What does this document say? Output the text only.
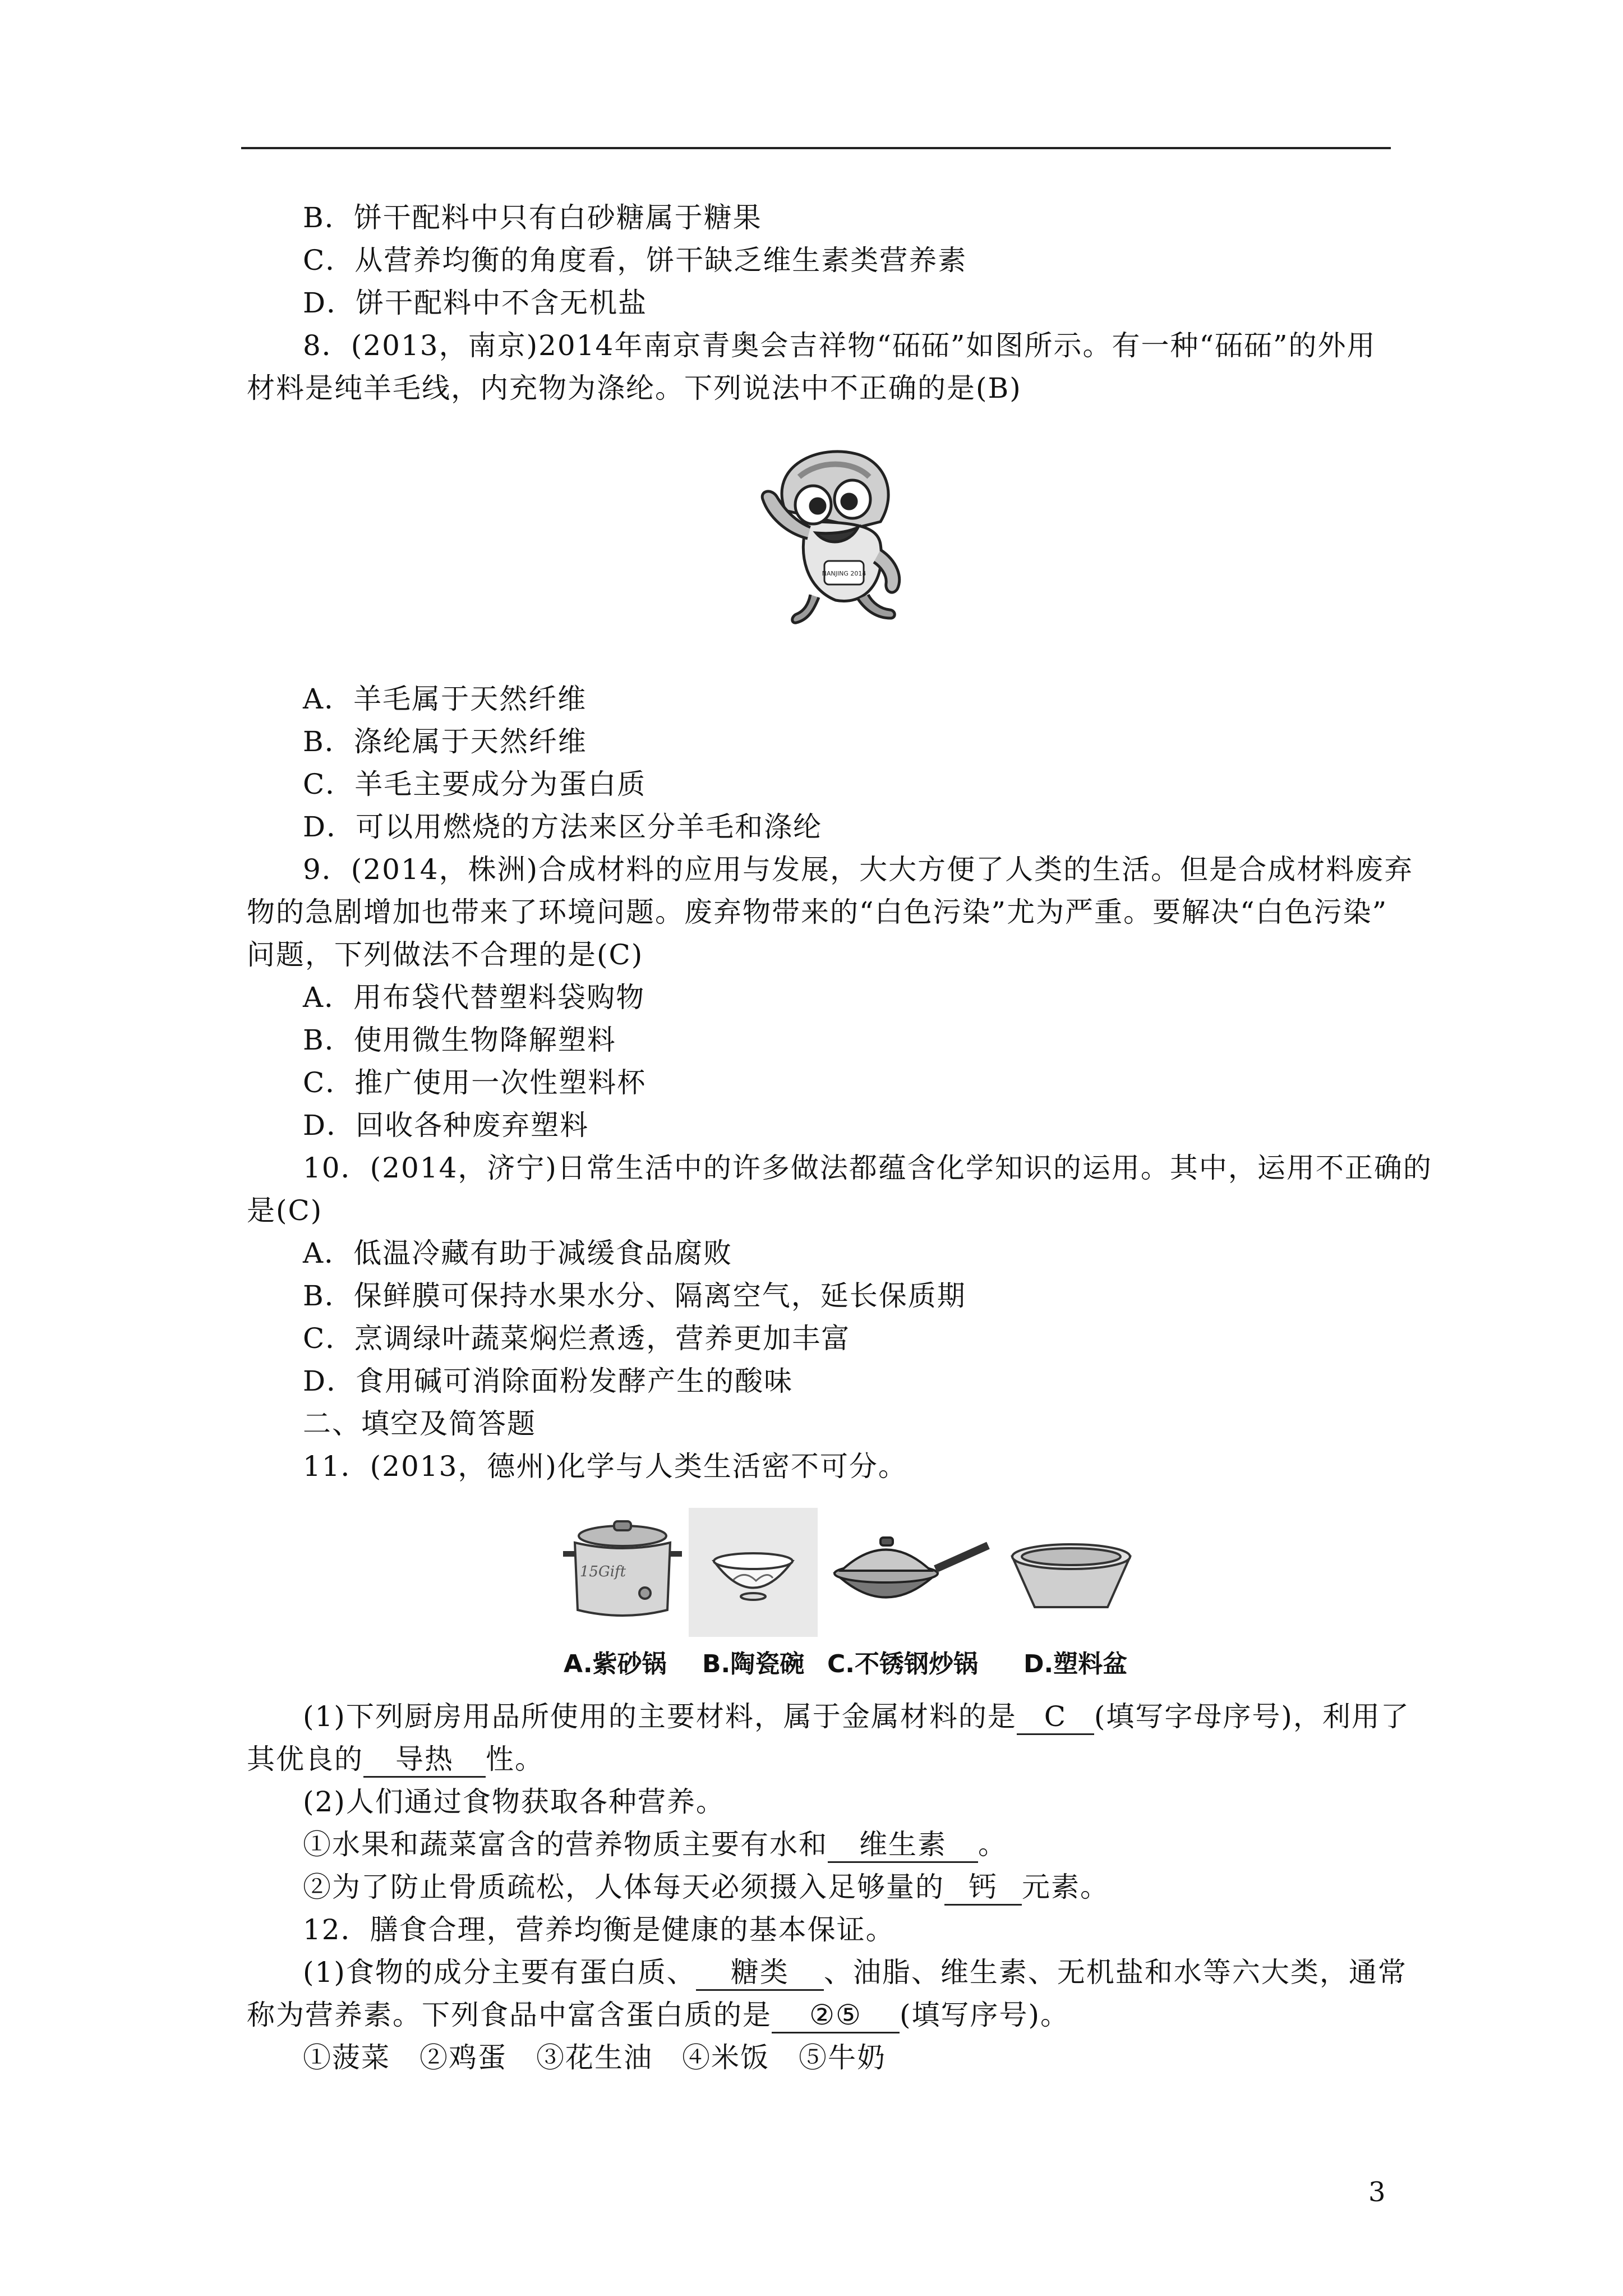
B．饼干配料中只有白砂糖属于糖果
C．从营养均衡的角度看，饼干缺乏维生素类营养素
D．饼干配料中不含无机盐
8．(2013，南京)2014年南京青奥会吉祥物“砳砳”如图所示。有一种“砳砳”的外用
材料是纯羊毛线，内充物为涤纶。下列说法中不正确的是(B)
NANJING 2014
A．羊毛属于天然纤维
B．涤纶属于天然纤维
C．羊毛主要成分为蛋白质
D．可以用燃烧的方法来区分羊毛和涤纶
9．(2014，株洲)合成材料的应用与发展，大大方便了人类的生活。但是合成材料废弃
物的急剧增加也带来了环境问题。废弃物带来的“白色污染”尤为严重。要解决“白色污染”
问题，下列做法不合理的是(C)
A．用布袋代替塑料袋购物
B．使用微生物降解塑料
C．推广使用一次性塑料杯
D．回收各种废弃塑料
10．(2014，济宁)日常生活中的许多做法都蕴含化学知识的运用。其中，运用不正确的
是(C)
A．低温冷藏有助于减缓食品腐败
B．保鲜膜可保持水果水分、隔离空气，延长保质期
C．烹调绿叶蔬菜焖烂煮透，营养更加丰富
D．食用碱可消除面粉发酵产生的酸味
二、填空及简答题
11．(2013，德州)化学与人类生活密不可分。
15Gift
A.紫砂锅 B.陶瓷碗 C.不锈钢炒锅 D.塑料盆
(1)下列厨房用品所使用的主要材料，属于金属材料的是 C (填写字母序号)，利用了
其优良的 导热 性。
(2)人们通过食物获取各种营养。
①水果和蔬菜富含的营养物质主要有水和 维生素 。
②为了防止骨质疏松，人体每天必须摄入足够量的 钙 元素。
12．膳食合理，营养均衡是健康的基本保证。
(1)食物的成分主要有蛋白质、 糖类 、油脂、维生素、无机盐和水等六大类，通常
称为营养素。下列食品中富含蛋白质的是 ②⑤ (填写序号)。
①菠菜　②鸡蛋　③花生油　④米饭　⑤牛奶
3
